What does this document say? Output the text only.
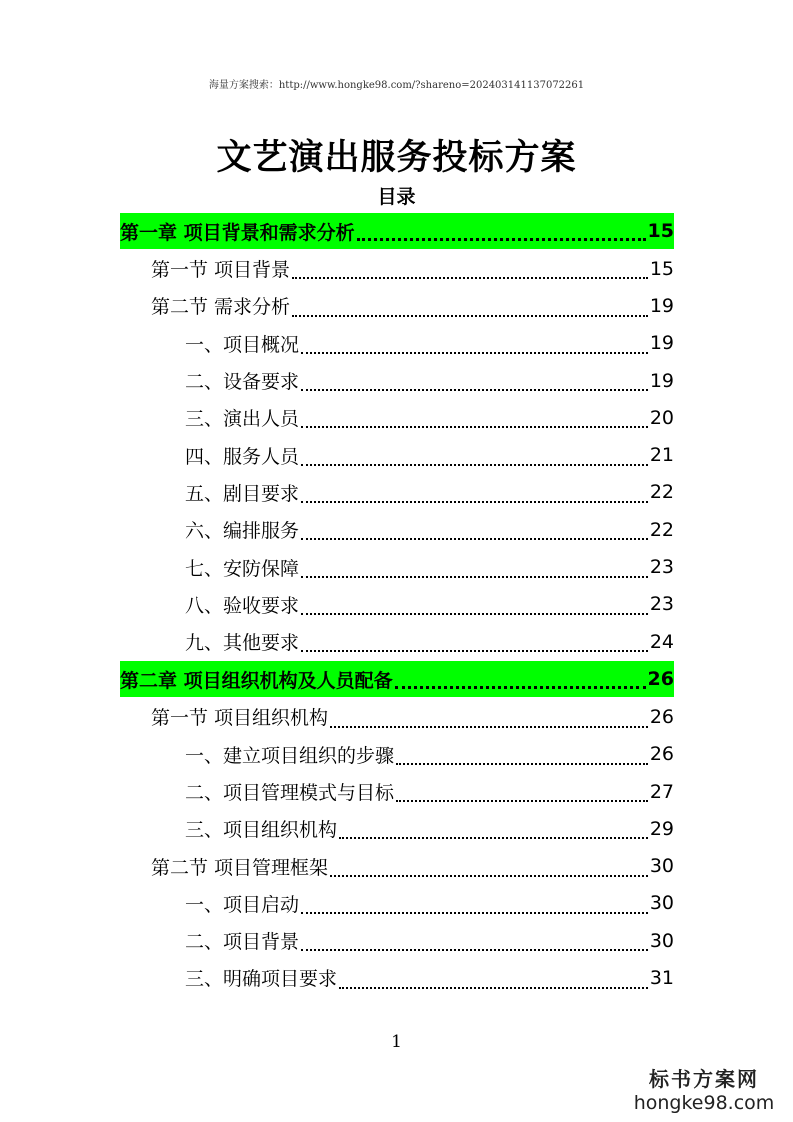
海量方案搜索：http://www.hongke98.com/?shareno=202403141137072261
文艺演出服务投标方案
目录
第一章 项目背景和需求分析	15
第一节 项目背景	15
第二节 需求分析	19
一、项目概况	19
二、设备要求	19
三、演出人员	20
四、服务人员	21
五、剧目要求	22
六、编排服务	22
七、安防保障	23
八、验收要求	23
九、其他要求	24
第二章 项目组织机构及人员配备	26
第一节 项目组织机构	26
一、建立项目组织的步骤	26
二、项目管理模式与目标	27
三、项目组织机构	29
第二节 项目管理框架	30
一、项目启动	30
二、项目背景	30
三、明确项目要求	31
1
标书方案网
hongke98.com
